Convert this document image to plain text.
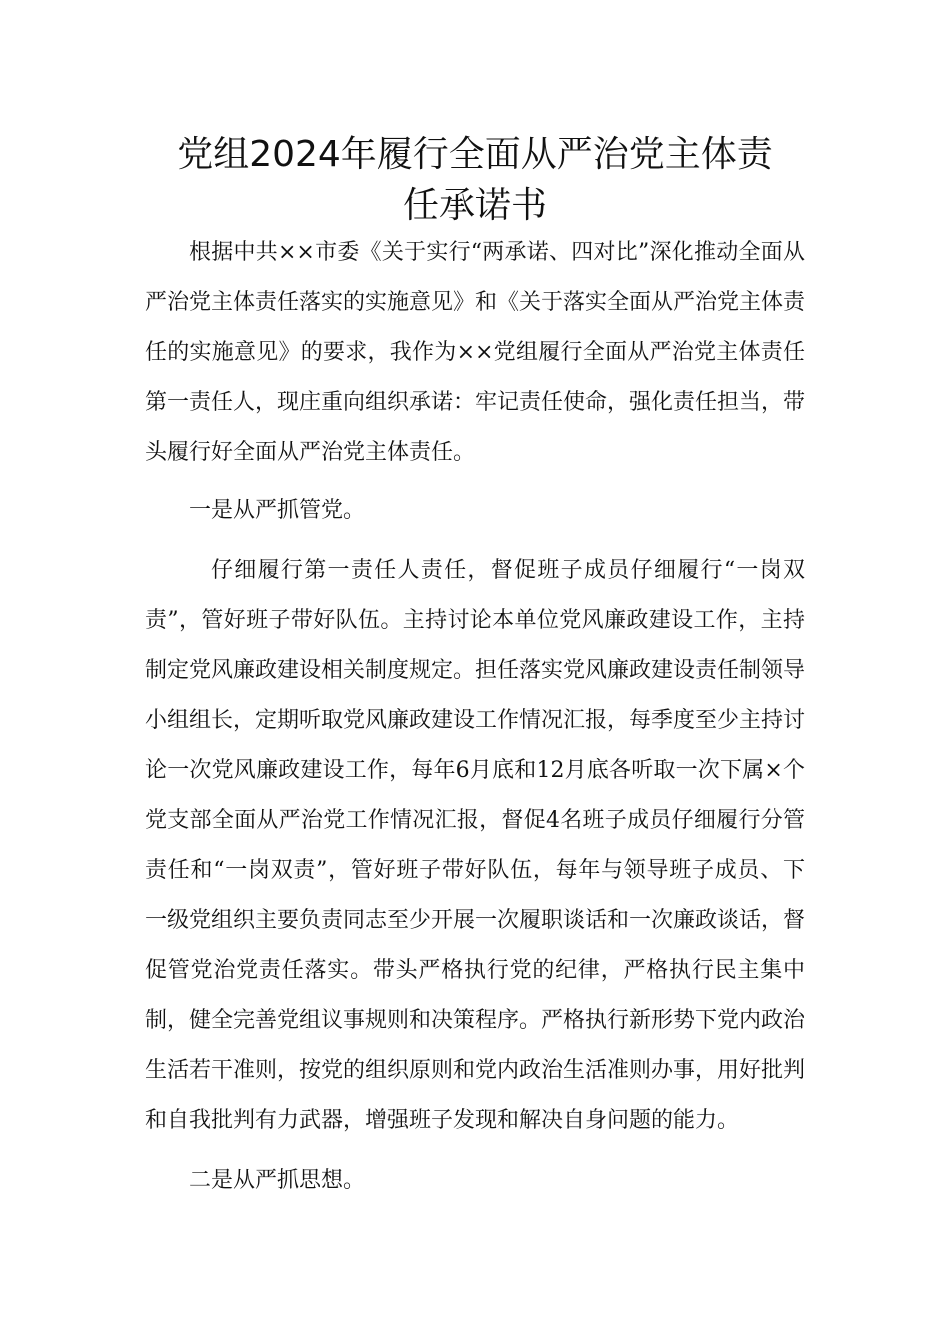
党组2024年履行全面从严治党主体责
任承诺书

根据中共××市委《关于实行“两承诺、四对比”深化推动全面从严治党主体责任落实的实施意见》和《关于落实全面从严治党主体责任的实施意见》的要求，我作为××党组履行全面从严治党主体责任第一责任人，现庄重向组织承诺：牢记责任使命，强化责任担当，带头履行好全面从严治党主体责任。

一是从严抓管党。

仔细履行第一责任人责任，督促班子成员仔细履行“一岗双责”，管好班子带好队伍。主持讨论本单位党风廉政建设工作，主持制定党风廉政建设相关制度规定。担任落实党风廉政建设责任制领导小组组长，定期听取党风廉政建设工作情况汇报，每季度至少主持讨论一次党风廉政建设工作，每年6月底和12月底各听取一次下属×个党支部全面从严治党工作情况汇报，督促4名班子成员仔细履行分管责任和“一岗双责”，管好班子带好队伍，每年与领导班子成员、下一级党组织主要负责同志至少开展一次履职谈话和一次廉政谈话，督促管党治党责任落实。带头严格执行党的纪律，严格执行民主集中制，健全完善党组议事规则和决策程序。严格执行新形势下党内政治生活若干准则，按党的组织原则和党内政治生活准则办事，用好批判和自我批判有力武器，增强班子发现和解决自身问题的能力。

二是从严抓思想。
